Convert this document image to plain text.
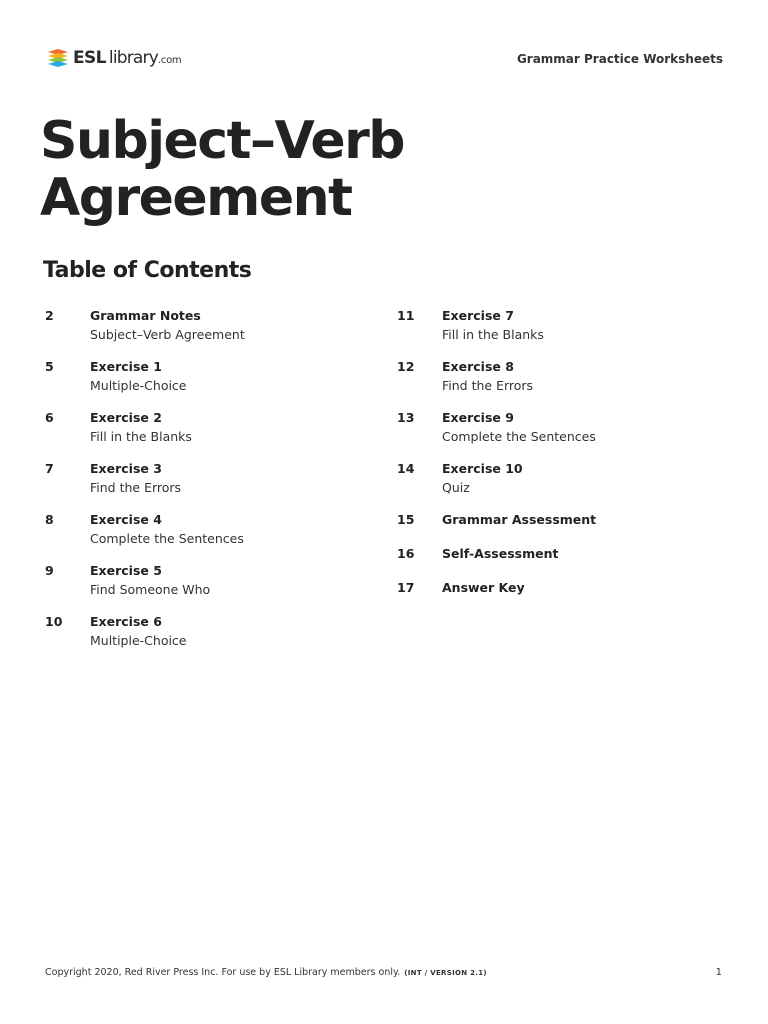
ESL library .com	Grammar Practice Worksheets
Subject–Verb
Agreement
Table of Contents
2	Grammar Notes
Subject–Verb Agreement
5	Exercise 1
Multiple-Choice
6	Exercise 2
Fill in the Blanks
7	Exercise 3
Find the Errors
8	Exercise 4
Complete the Sentences
9	Exercise 5
Find Someone Who
10	Exercise 6
Multiple-Choice
11	Exercise 7
Fill in the Blanks
12	Exercise 8
Find the Errors
13	Exercise 9
Complete the Sentences
14	Exercise 10
Quiz
15	Grammar Assessment
16	Self-Assessment
17	Answer Key
Copyright 2020, Red River Press Inc. For use by ESL Library members only. (INT / VERSION 2.1)	1
